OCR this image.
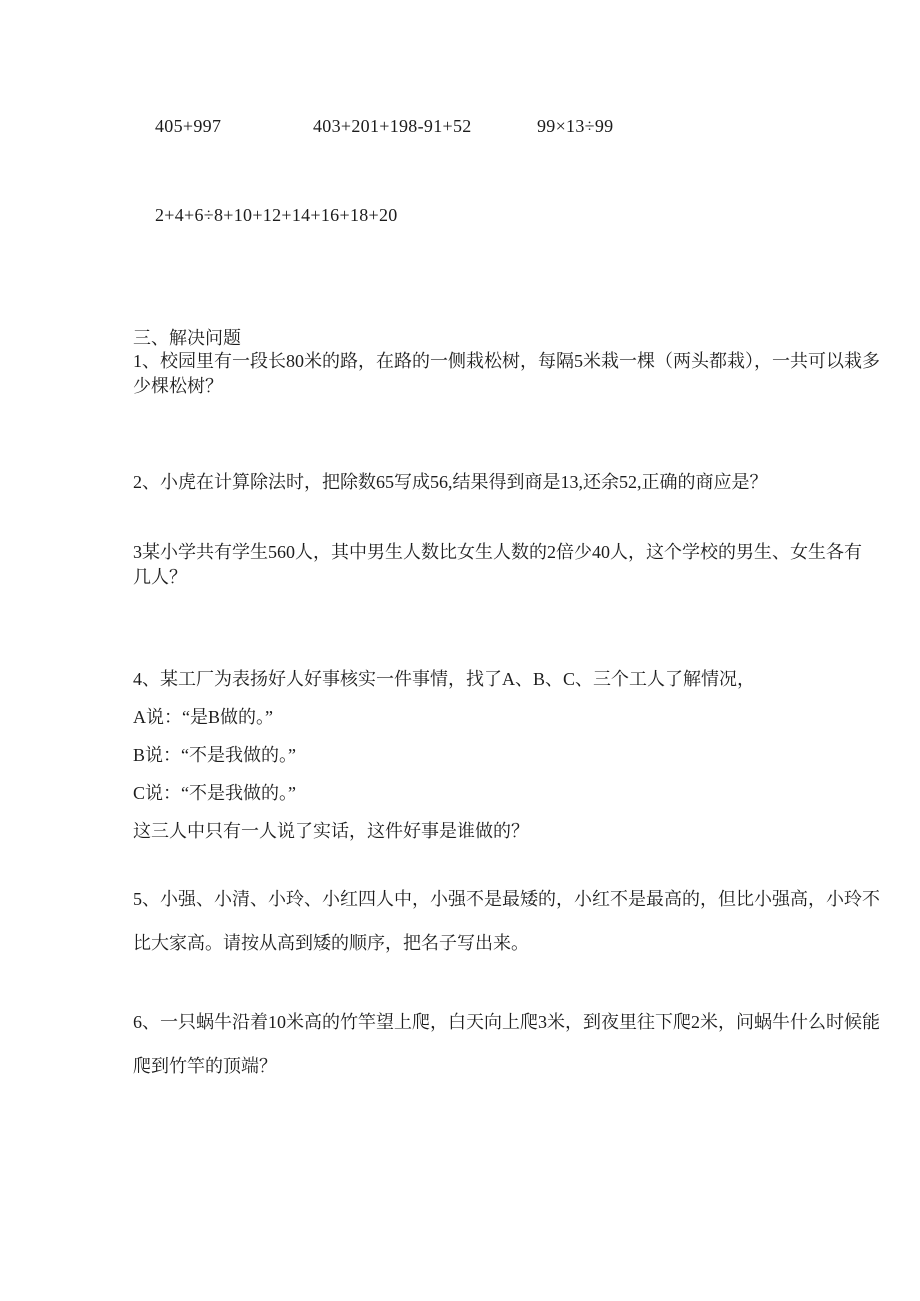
405+997	403+201+198-91+52	99×13÷99
2+4+6÷8+10+12+14+16+18+20
三、解决问题
1、校园里有一段长80米的路，在路的一侧栽松树，每隔5米栽一棵（两头都栽），一共可以栽多
少棵松树？
2、小虎在计算除法时，把除数65写成56,结果得到商是13,还余52,正确的商应是？
3某小学共有学生560人，其中男生人数比女生人数的2倍少40人，这个学校的男生、女生各有
几人？
4、某工厂为表扬好人好事核实一件事情，找了A、B、C、三个工人了解情况，
A说：“是B做的。”
B说：“不是我做的。”
C说：“不是我做的。”
这三人中只有一人说了实话，这件好事是谁做的？
5、小强、小清、小玲、小红四人中，小强不是最矮的，小红不是最高的，但比小强高，小玲不
比大家高。请按从高到矮的顺序，把名子写出来。
6、一只蜗牛沿着10米高的竹竿望上爬，白天向上爬3米，到夜里往下爬2米，问蜗牛什么时候能
爬到竹竿的顶端？
